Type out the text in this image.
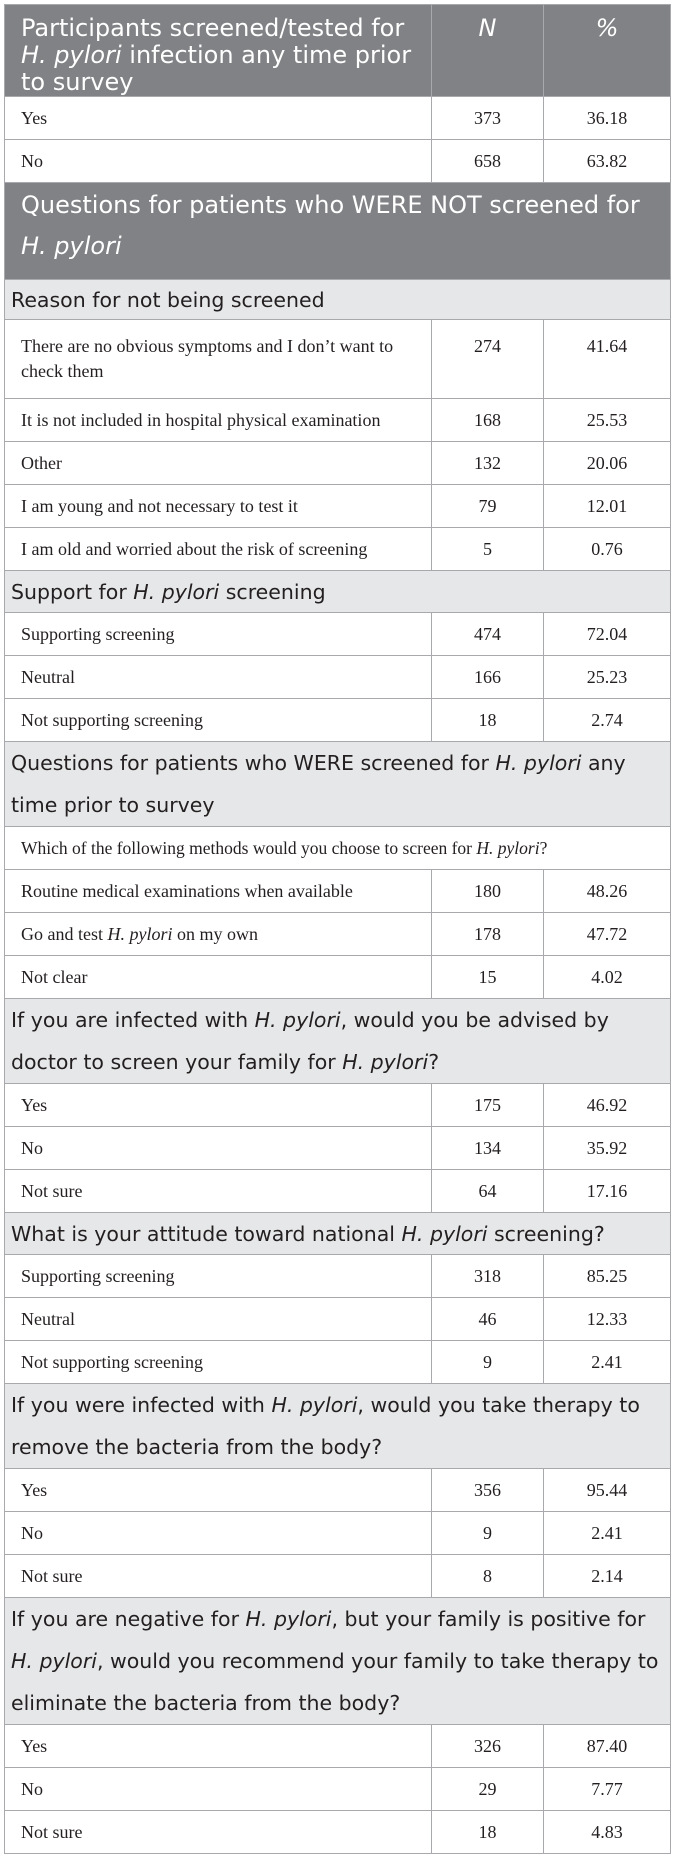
Participants screened/tested for H. pylori infection any time prior to survey	N	%
Yes	373	36.18
No	658	63.82
Questions for patients who WERE NOT screened for
H. pylori		
Reason for not being screened		
There are no obvious symptoms and I don’t want to check them	274	41.64
It is not included in hospital physical examination	168	25.53
Other	132	20.06
I am young and not necessary to test it	79	12.01
I am old and worried about the risk of screening	5	0.76
Support for H. pylori screening		
Supporting screening	474	72.04
Neutral	166	25.23
Not supporting screening	18	2.74
Questions for patients who WERE screened for H. pylori any time prior to survey		
Which of the following methods would you choose to screen for H. pylori?		
Routine medical examinations when available	180	48.26
Go and test H. pylori on my own	178	47.72
Not clear	15	4.02
If you are infected with H. pylori, would you be advised by doctor to screen your family for H. pylori?		
Yes	175	46.92
No	134	35.92
Not sure	64	17.16
What is your attitude toward national H. pylori screening?		
Supporting screening	318	85.25
Neutral	46	12.33
Not supporting screening	9	2.41
If you were infected with H. pylori, would you take therapy to remove the bacteria from the body?		
Yes	356	95.44
No	9	2.41
Not sure	8	2.14
If you are negative for H. pylori, but your family is positive for H. pylori, would you recommend your family to take therapy to eliminate the bacteria from the body?		
Yes	326	87.40
No	29	7.77
Not sure	18	4.83
